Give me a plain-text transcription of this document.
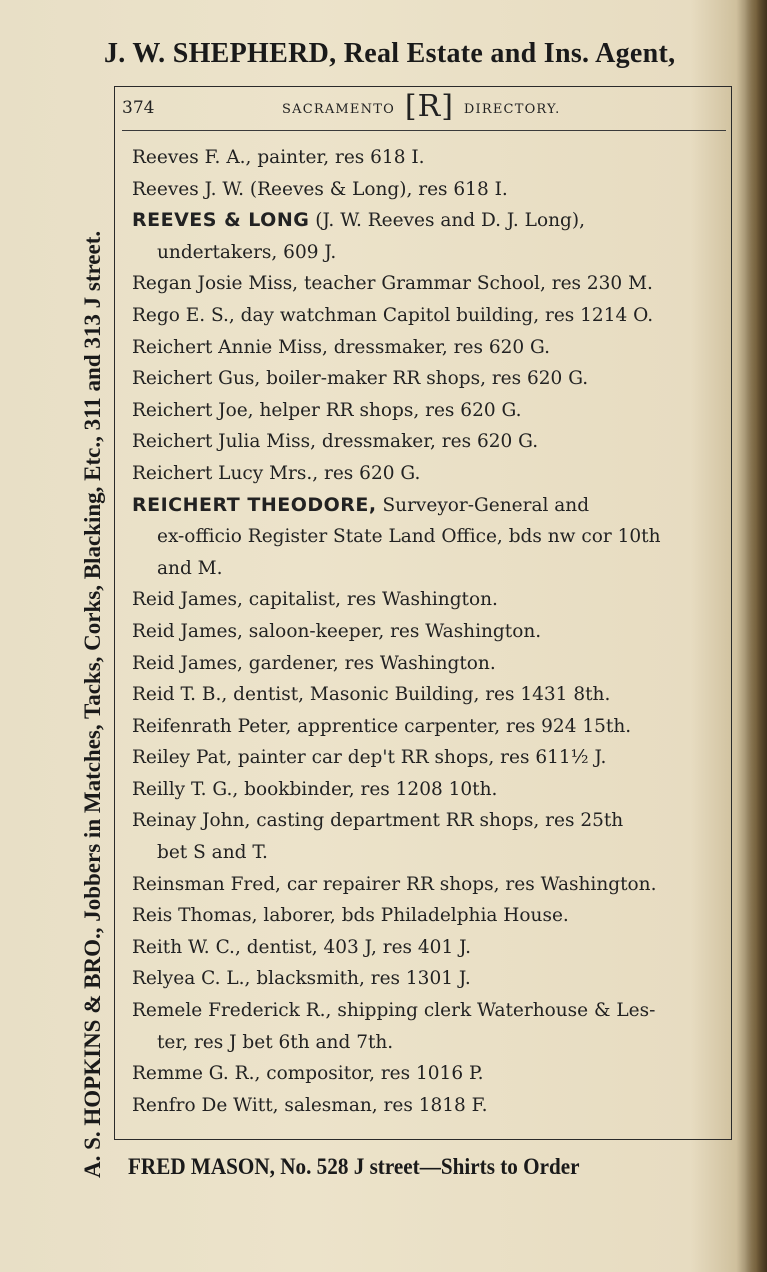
J. W. SHEPHERD, Real Estate and Ins. Agent,
A. S. HOPKINS & BRO., Jobbers in Matches, Tacks, Corks, Blacking, Etc., 311 and 313 J street.
374	SACRAMENTO [R] DIRECTORY.
Reeves F. A., painter, res 618 I.
Reeves J. W. (Reeves & Long), res 618 I.
REEVES & LONG (J. W. Reeves and D. J. Long),
undertakers, 609 J.
Regan Josie Miss, teacher Grammar School, res 230 M.
Rego E. S., day watchman Capitol building, res 1214 O.
Reichert Annie Miss, dressmaker, res 620 G.
Reichert Gus, boiler-maker RR shops, res 620 G.
Reichert Joe, helper RR shops, res 620 G.
Reichert Julia Miss, dressmaker, res 620 G.
Reichert Lucy Mrs., res 620 G.
REICHERT THEODORE, Surveyor-General and
ex-officio Register State Land Office, bds nw cor 10th
and M.
Reid James, capitalist, res Washington.
Reid James, saloon-keeper, res Washington.
Reid James, gardener, res Washington.
Reid T. B., dentist, Masonic Building, res 1431 8th.
Reifenrath Peter, apprentice carpenter, res 924 15th.
Reiley Pat, painter car dep't RR shops, res 611½ J.
Reilly T. G., bookbinder, res 1208 10th.
Reinay John, casting department RR shops, res 25th
bet S and T.
Reinsman Fred, car repairer RR shops, res Washington.
Reis Thomas, laborer, bds Philadelphia House.
Reith W. C., dentist, 403 J, res 401 J.
Relyea C. L., blacksmith, res 1301 J.
Remele Frederick R., shipping clerk Waterhouse & Les-
ter, res J bet 6th and 7th.
Remme G. R., compositor, res 1016 P.
Renfro De Witt, salesman, res 1818 F.
FRED MASON, No. 528 J street—Shirts to Order
